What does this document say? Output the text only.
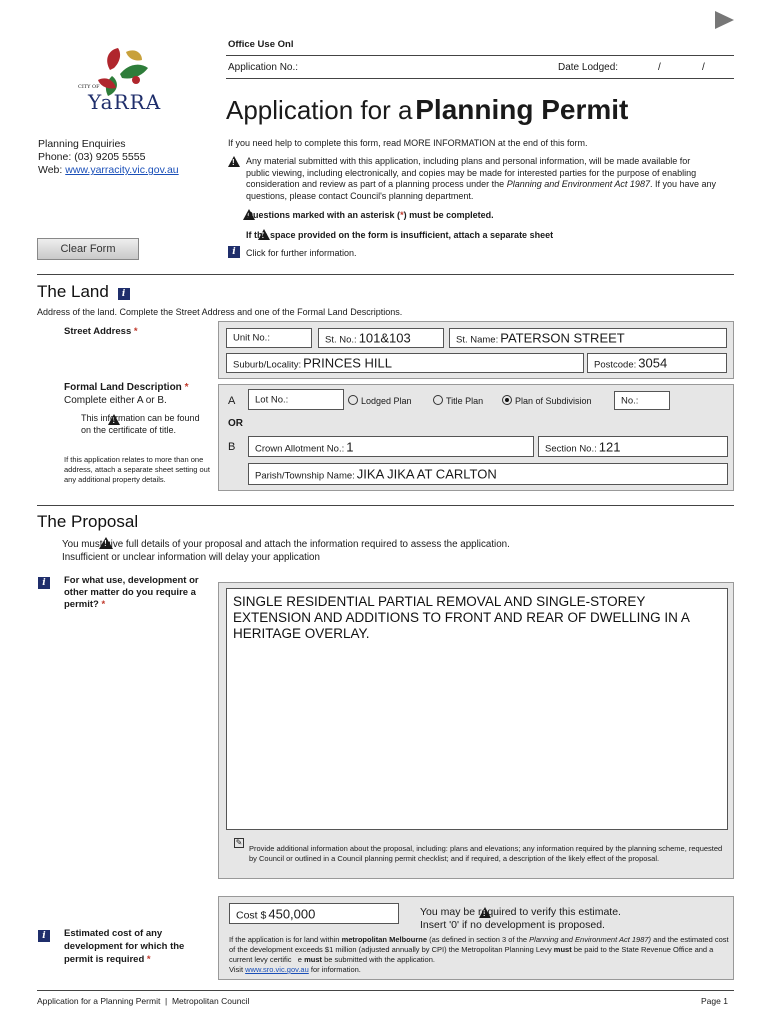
Office Use Onl
Application No.:	Date Lodged:	/	/
CITY OF
YaRRA Application for a Planning Permit
Planning Enquiries
Phone: (03) 9205 5555
Web: www.yarracity.vic.gov.au
If you need help to complete this form, read MORE INFORMATION at the end of this form.
!
Any material submitted with this application, including plans and personal information, will be made available for public viewing, including electronically, and copies may be made for interested parties for the purpose of enabling consideration and review as part of a planning process under the Planning and Environment Act 1987. If you have any questions, please contact Council's planning department.
!
Questions marked with an asterisk (*) must be completed.
!
If the space provided on the form is insufficient, attach a separate sheet
i	Click for further information.
Clear Form
The Land i
Address of the land. Complete the Street Address and one of the Formal Land Descriptions.
Street Address *
Unit No.:	St. No.: 101&103	St. Name: PATERSON STREET
Suburb/Locality: PRINCES HILL	Postcode: 3054
Formal Land Description *
Complete either A or B.
!
This information can be found on the certificate of title.
If this application relates to more than one address, attach a separate sheet setting out any additional property details.
A Lot No.:	Lodged Plan	Title Plan	Plan of Subdivision	No.:
OR
B Crown Allotment No.: 1	Section No.: 121
Parish/Township Name: JIKA JIKA AT CARLTON
The Proposal
!
You must give full details of your proposal and attach the information required to assess the application.
Insufficient or unclear information will delay your application
i	For what use, development or other matter do you require a permit? *	SINGLE RESIDENTIAL PARTIAL REMOVAL AND SINGLE-STOREY EXTENSION AND ADDITIONS TO FRONT AND REAR OF DWELLING IN A HERITAGE OVERLAY.
✎
Provide additional information about the proposal, including: plans and elevations; any information required by the planning scheme, requested by Council or outlined in a Council planning permit checklist; and if required, a description of the likely effect of the proposal.
i	Estimated cost of any development for which the permit is required *
Cost $ 450,000
!	You may be required to verify this estimate.
Insert '0' if no development is proposed.
If the application is for land within metropolitan Melbourne (as defined in section 3 of the Planning and Environment Act 1987) and the estimated cost of the development exceeds $1 million (adjusted annually by CPI) the Metropolitan Planning Levy must be paid to the State Revenue Office and a current levy certific e must be submitted with the application.
Visit www.sro.vic.gov.au for information.
Application for a Planning Permit  |  Metropolitan Council	Page 1
